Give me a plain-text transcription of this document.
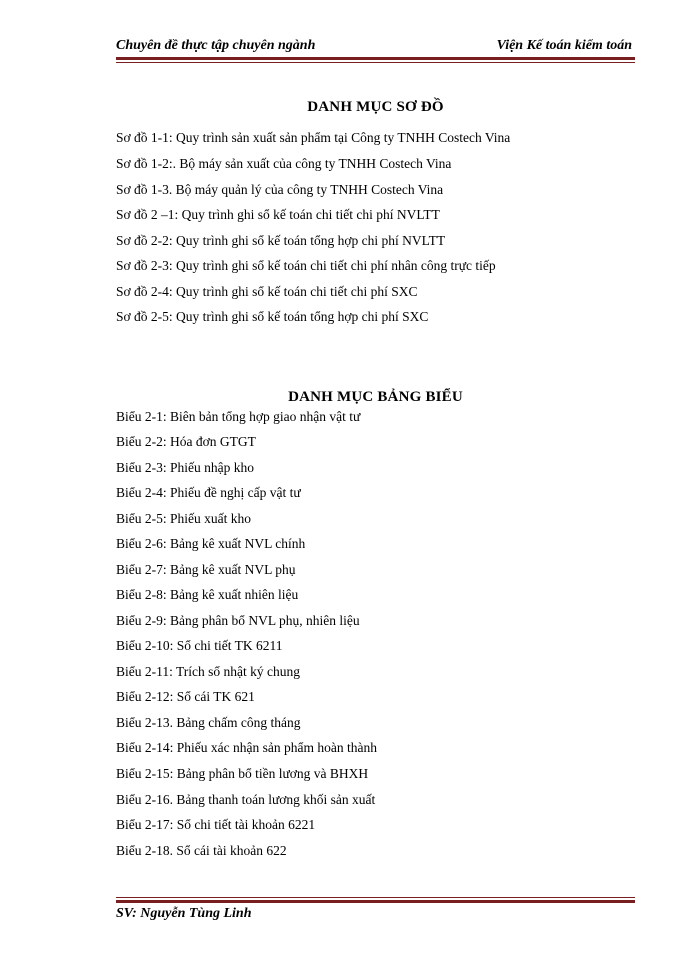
Chuyên đề thực tập chuyên ngành	Viện Kế toán kiểm toán
DANH MỤC SƠ ĐỒ
Sơ đồ 1-1: Quy trình sản xuất sản phẩm tại Công ty TNHH Costech Vina
Sơ đồ 1-2:. Bộ máy sản xuất của công ty TNHH Costech Vina
Sơ đồ 1-3. Bộ máy quản lý của công ty TNHH Costech Vina
Sơ đồ 2 –1: Quy trình ghi sổ kế toán chi tiết chi phí NVLTT
Sơ đồ 2-2: Quy trình ghi sổ kế toán tổng hợp chi phí NVLTT
Sơ đồ 2-3: Quy trình ghi sổ kế toán chi tiết chi phí nhân công trực tiếp
Sơ đồ 2-4: Quy trình ghi sổ kế toán chi tiết chi phí SXC
Sơ đồ 2-5: Quy trình ghi sổ kế toán tổng hợp chi phí SXC
DANH MỤC BẢNG BIỂU
Biểu 2-1: Biên bản tổng hợp giao nhận vật tư
Biểu 2-2: Hóa đơn GTGT
Biểu 2-3: Phiếu nhập kho
Biểu 2-4: Phiếu đề nghị cấp vật tư
Biểu 2-5: Phiếu xuất kho
Biểu 2-6: Bảng kê xuất NVL chính
Biểu 2-7: Bảng kê xuất NVL phụ
Biểu 2-8: Bảng kê xuất nhiên liệu
Biểu 2-9: Bảng phân bổ NVL phụ, nhiên liệu
Biểu 2-10: Sổ chi tiết TK 6211
Biểu 2-11: Trích sổ nhật ký chung
Biểu 2-12: Sổ cái TK 621
Biểu 2-13. Bảng chấm công tháng
Biểu 2-14: Phiếu xác nhận sản phẩm hoàn thành
Biểu 2-15: Bảng phân bổ tiền lương và BHXH
Biểu 2-16. Bảng thanh toán lương khối sản xuất
Biểu 2-17: Sổ chi tiết tài khoản 6221
Biểu 2-18. Sổ cái tài khoản 622
SV: Nguyễn Tùng Linh
